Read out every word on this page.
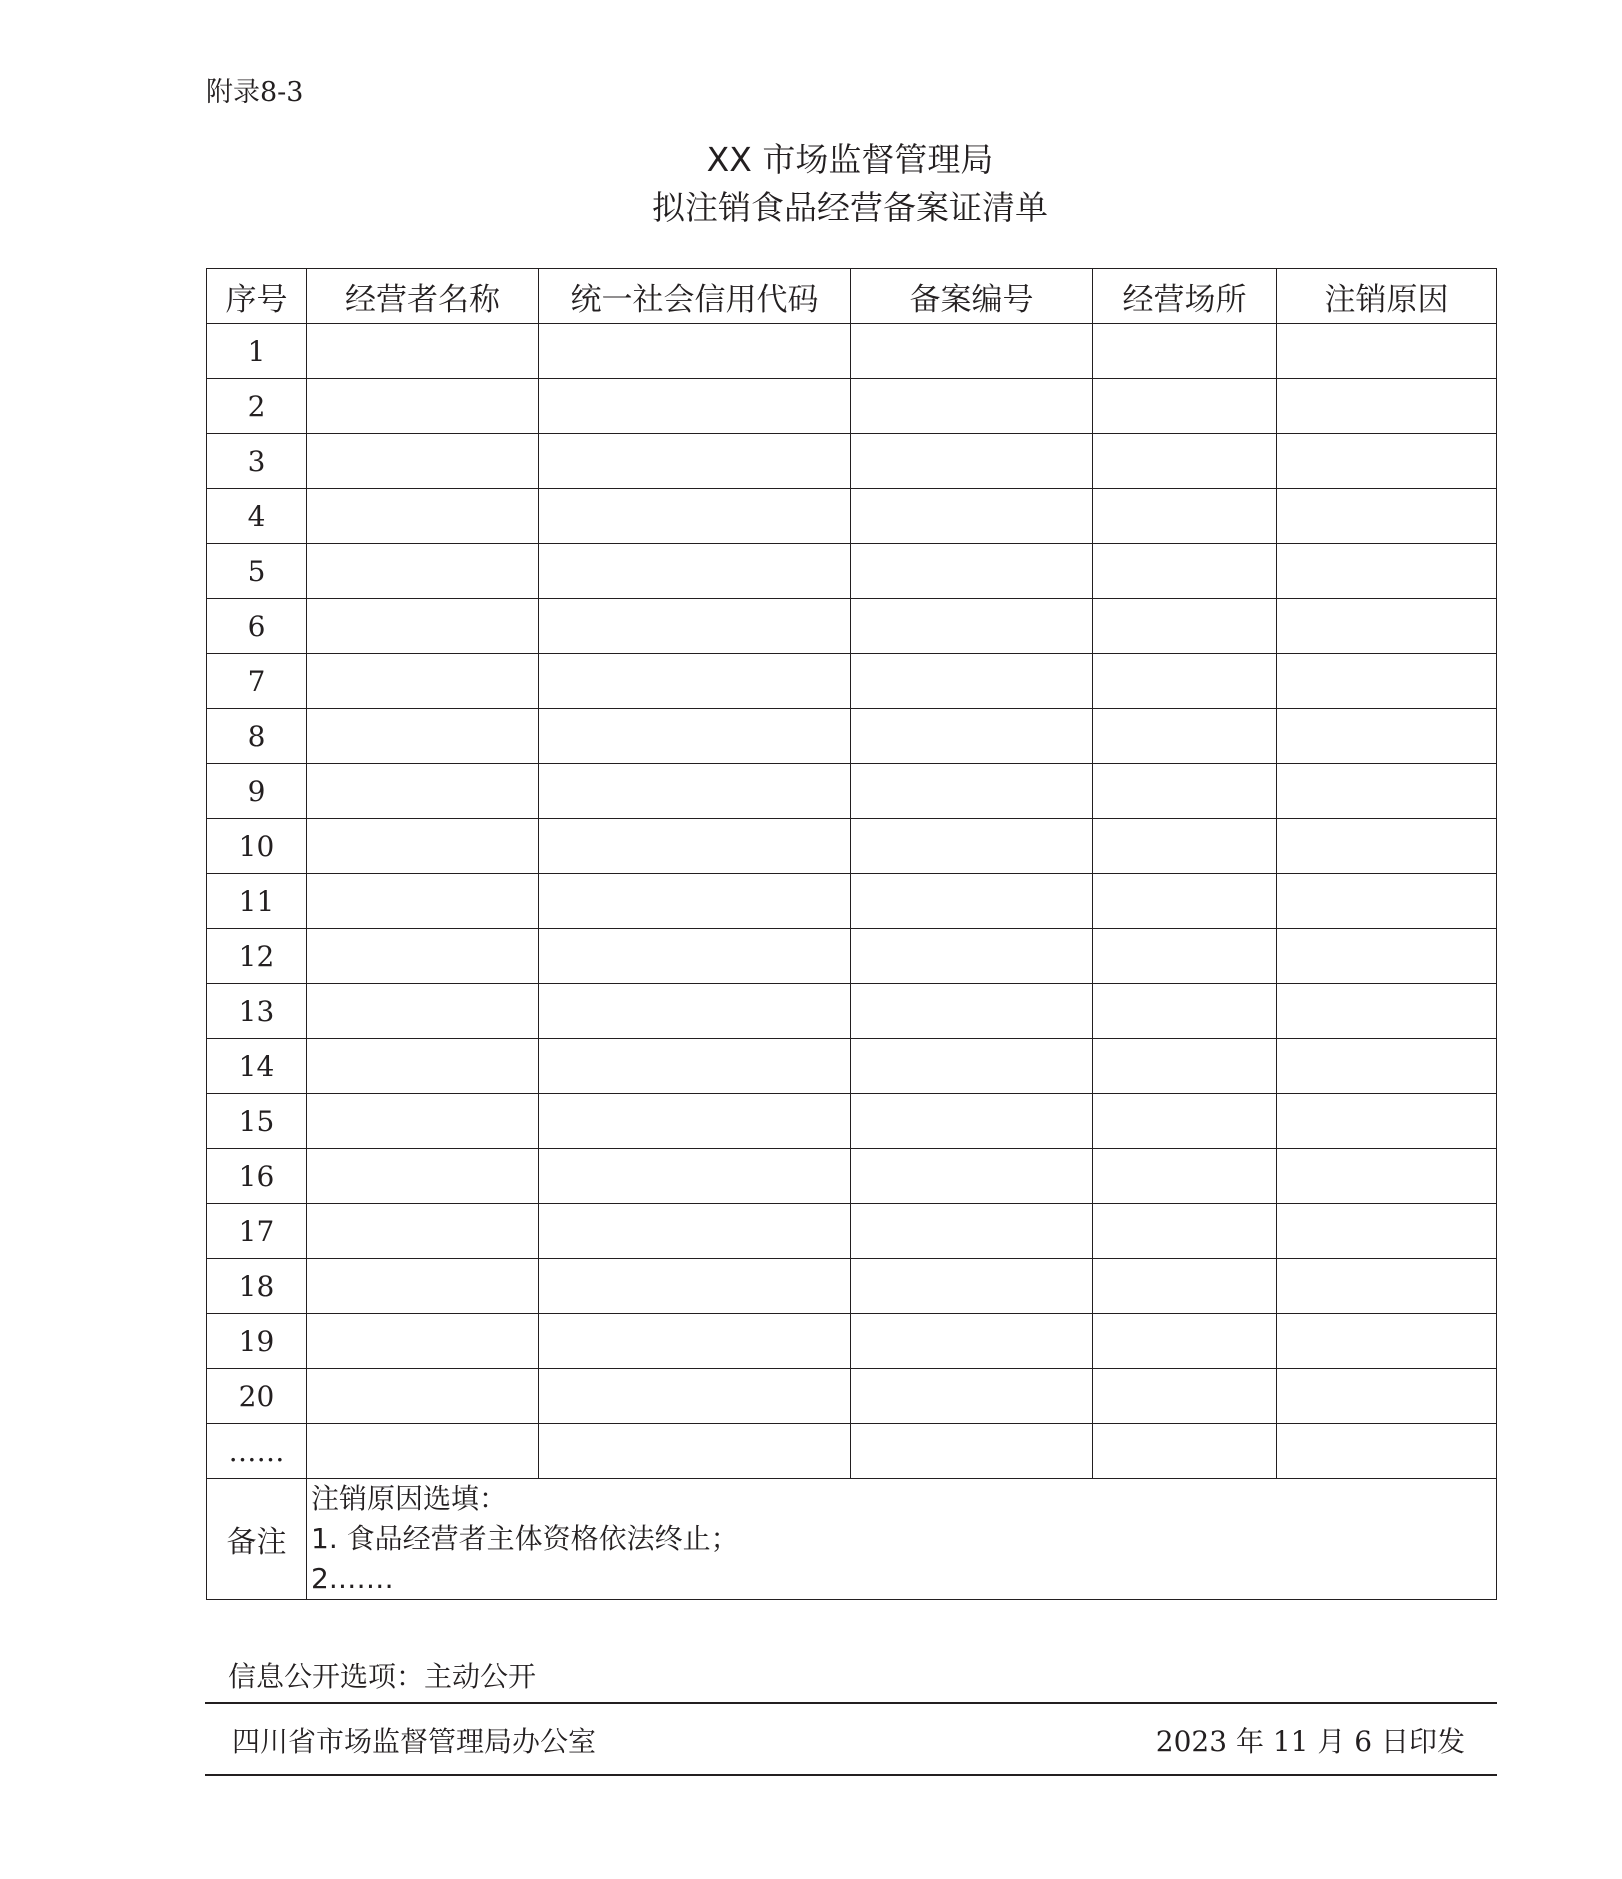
附录8-3
XX 市场监督管理局
拟注销食品经营备案证清单
序号	经营者名称	统一社会信用代码	备案编号	经营场所	注销原因
1					
2					
3					
4					
5					
6					
7					
8					
9					
10					
11					
12					
13					
14					
15					
16					
17					
18					
19					
20					
……					
备注	注销原因选填：
1. 食品经营者主体资格依法终止；
2.……				
信息公开选项：主动公开
四川省市场监督管理局办公室	2023 年 11 月 6 日印发
